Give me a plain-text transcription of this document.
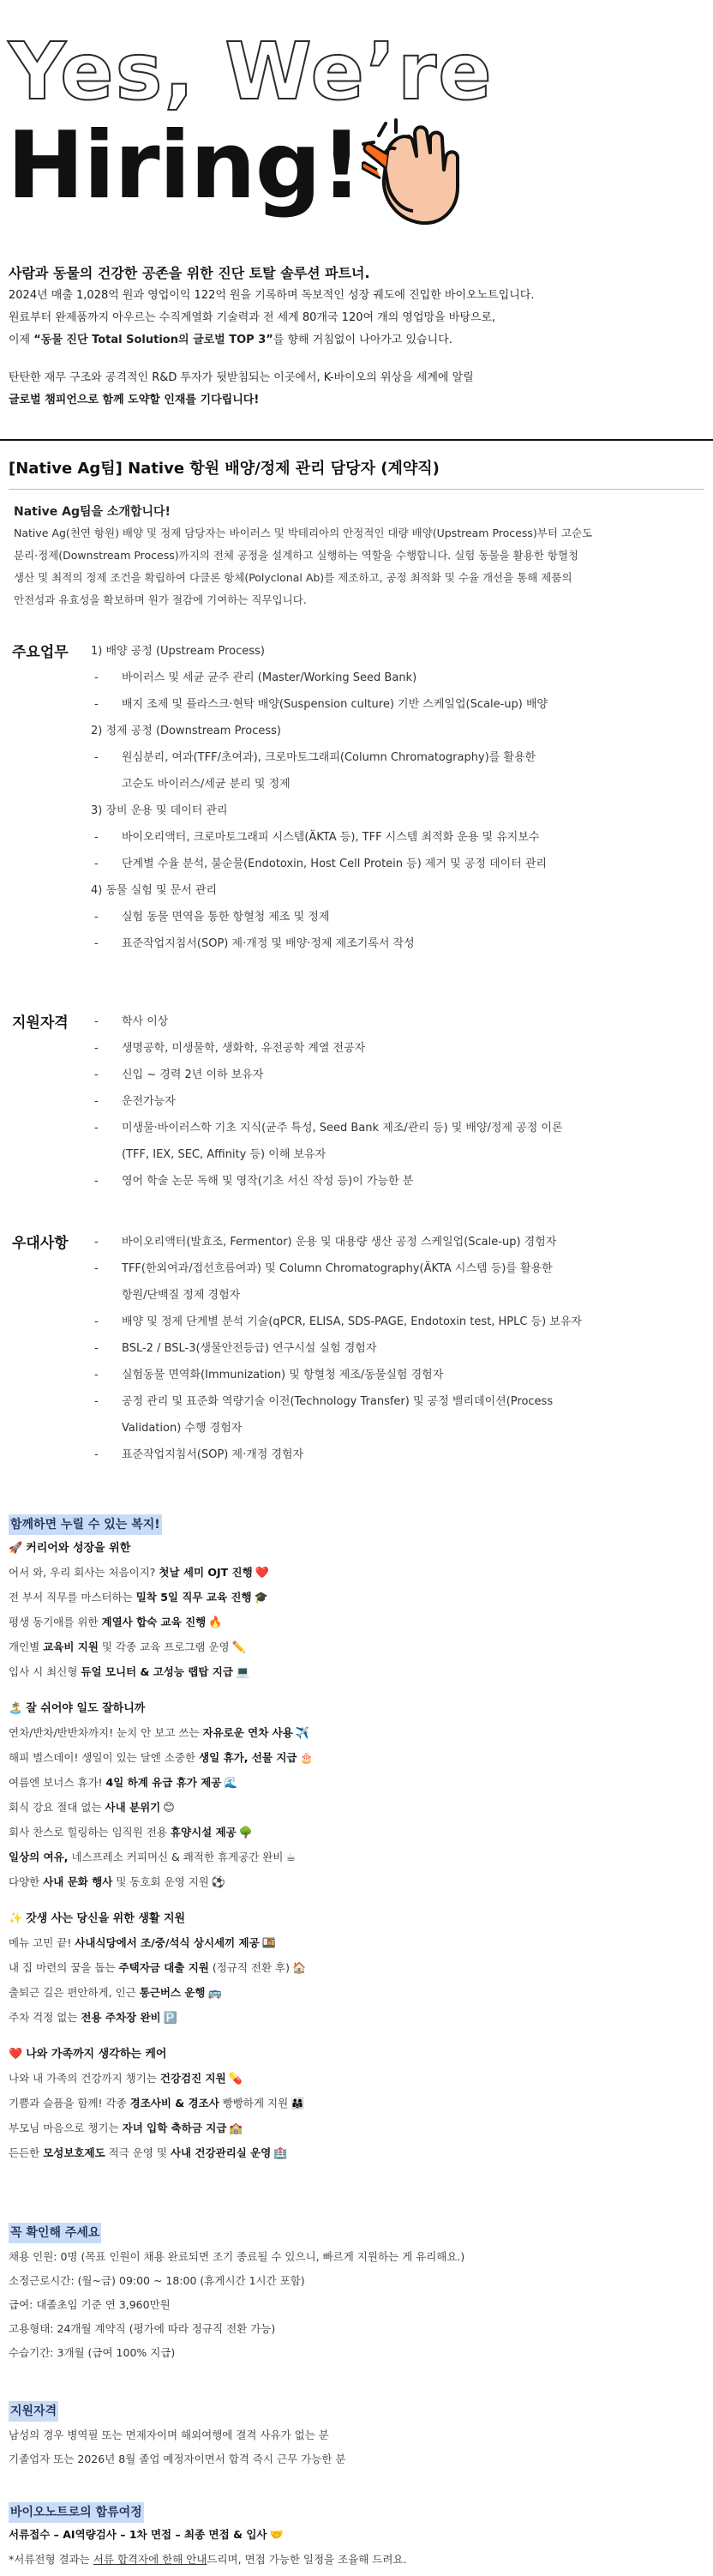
Yes, We’re
Hiring!
사람과 동물의 건강한 공존을 위한 진단 토탈 솔루션 파트너.

2024년 매출 1,028억 원과 영업이익 122억 원을 기록하며 독보적인 성장 궤도에 진입한 바이오노트입니다.

원료부터 완제품까지 아우르는 수직계열화 기술력과 전 세계 80개국 120여 개의 영업망을 바탕으로,

이제 “동물 진단 Total Solution의 글로벌 TOP 3”를 향해 거침없이 나아가고 있습니다.

탄탄한 재무 구조와 공격적인 R&D 투자가 뒷받침되는 이곳에서, K-바이오의 위상을 세계에 알릴

글로벌 챔피언으로 함께 도약할 인재를 기다립니다!

[Native Ag팀] Native 항원 배양/정제 관리 담당자 (계약직)
Native Ag팀을 소개합니다!
Native Ag(천연 항원) 배양 및 정제 담당자는 바이러스 및 박테리아의 안정적인 대량 배양(Upstream Process)부터 고순도
분리·정제(Downstream Process)까지의 전체 공정을 설계하고 실행하는 역할을 수행합니다. 실험 동물을 활용한 항혈청
생산 및 최적의 정제 조건을 확립하여 다클론 항체(Polyclonal Ab)를 제조하고, 공정 최적화 및 수율 개선을 통해 제품의
안전성과 유효성을 확보하며 원가 절감에 기여하는 직무입니다.
주요업무 1) 배양 공정 (Upstream Process)
- 바이러스 및 세균 균주 관리 (Master/Working Seed Bank)
- 배지 조제 및 플라스크·현탁 배양(Suspension culture) 기반 스케일업(Scale-up) 배양
2) 정제 공정 (Downstream Process)
- 원심분리, 여과(TFF/초여과), 크로마토그래피(Column Chromatography)를 활용한
고순도 바이러스/세균 분리 및 정제
3) 장비 운용 및 데이터 관리
- 바이오리액터, 크로마토그래피 시스템(ÄKTA 등), TFF 시스템 최적화 운용 및 유지보수
- 단계별 수율 분석, 불순물(Endotoxin, Host Cell Protein 등) 제거 및 공정 데이터 관리
4) 동물 실험 및 문서 관리
- 실험 동물 면역을 통한 항혈청 제조 및 정제
- 표준작업지침서(SOP) 제·개정 및 배양·정제 제조기록서 작성
지원자격	- 학사 이상
- 생명공학, 미생물학, 생화학, 유전공학 계열 전공자
- 신입 ~ 경력 2년 이하 보유자
- 운전가능자
- 미생물·바이러스학 기초 지식(균주 특성, Seed Bank 제조/관리 등) 및 배양/정제 공정 이론
(TFF, IEX, SEC, Affinity 등) 이해 보유자
- 영어 학술 논문 독해 및 영작(기초 서신 작성 등)이 가능한 분
우대사항	- 바이오리액터(발효조, Fermentor) 운용 및 대용량 생산 공정 스케일업(Scale-up) 경험자
- TFF(한외여과/접선흐름여과) 및 Column Chromatography(ÄKTA 시스템 등)를 활용한
항원/단백질 정제 경험자
- 배양 및 정제 단계별 분석 기술(qPCR, ELISA, SDS-PAGE, Endotoxin test, HPLC 등) 보유자
- BSL-2 / BSL-3(생물안전등급) 연구시설 실험 경험자
- 실험동물 면역화(Immunization) 및 항혈청 제조/동물실험 경험자
- 공정 관리 및 표준화 역량기술 이전(Technology Transfer) 및 공정 밸리데이션(Process
Validation) 수행 경험자
- 표준작업지침서(SOP) 제·개정 경험자
함께하면 누릴 수 있는 복지!
🚀 커리어와 성장을 위한
어서 와, 우리 회사는 처음이지? 첫날 세미 OJT 진행 ❤️
전 부서 직무를 마스터하는 밀착 5일 직무 교육 진행 🎓
평생 동기애를 위한 계열사 합숙 교육 진행 🔥
개인별 교육비 지원 및 각종 교육 프로그램 운영 ✏️
입사 시 최신형 듀얼 모니터 & 고성능 랩탑 지급 💻
🏝️ 잘 쉬어야 일도 잘하니까
연차/반차/반반차까지! 눈치 안 보고 쓰는 자유로운 연차 사용 ✈️
해피 벌스데이! 생일이 있는 달엔 소중한 생일 휴가, 선물 지급 🎂
여름엔 보너스 휴가! 4일 하계 유급 휴가 제공 🌊
회식 강요 절대 없는 사내 분위기 😊
회사 찬스로 힐링하는 임직원 전용 휴양시설 제공 🌳
일상의 여유, 네스프레소 커피머신 & 쾌적한 휴게공간 완비 ☕
다양한 사내 문화 행사 및 동호회 운영 지원 ⚽
✨ 갓생 사는 당신을 위한 생활 지원
메뉴 고민 끝! 사내식당에서 조/중/석식 상시세끼 제공 🍱
내 집 마련의 꿈을 돕는 주택자금 대출 지원 (정규직 전환 후) 🏠
출퇴근 길은 편안하게, 인근 통근버스 운행 🚌
주차 걱정 없는 전용 주차장 완비 🅿️
❤️ 나와 가족까지 생각하는 케어
나와 내 가족의 건강까지 챙기는 건강검진 지원 💊
기쁨과 슬픔을 함께! 각종 경조사비 & 경조사 빵빵하게 지원 👨‍👩‍👧
부모님 마음으로 챙기는 자녀 입학 축하금 지급 🏫
든든한 모성보호제도 적극 운영 및 사내 건강관리실 운영 🏥
꼭 확인해 주세요
채용 인원: 0명 (목표 인원이 채용 완료되면 조기 종료될 수 있으니, 빠르게 지원하는 게 유리해요.)
소정근로시간: (월~금) 09:00 ~ 18:00 (휴게시간 1시간 포함)
급여: 대졸초임 기준 연 3,960만원
고용형태: 24개월 계약직 (평가에 따라 정규직 전환 가능)
수습기간: 3개월 (급여 100% 지급)
지원자격
남성의 경우 병역필 또는 면제자이며 해외여행에 결격 사유가 없는 분
기졸업자 또는 2026년 8월 졸업 예정자이면서 합격 즉시 근무 가능한 분
바이오노트로의 합류여정
서류접수 – AI역량검사 – 1차 면접 – 최종 면접 & 입사 🤝
*서류전형 결과는 서류 합격자에 한해 안내드리며, 면접 가능한 일정을 조율해 드려요.
